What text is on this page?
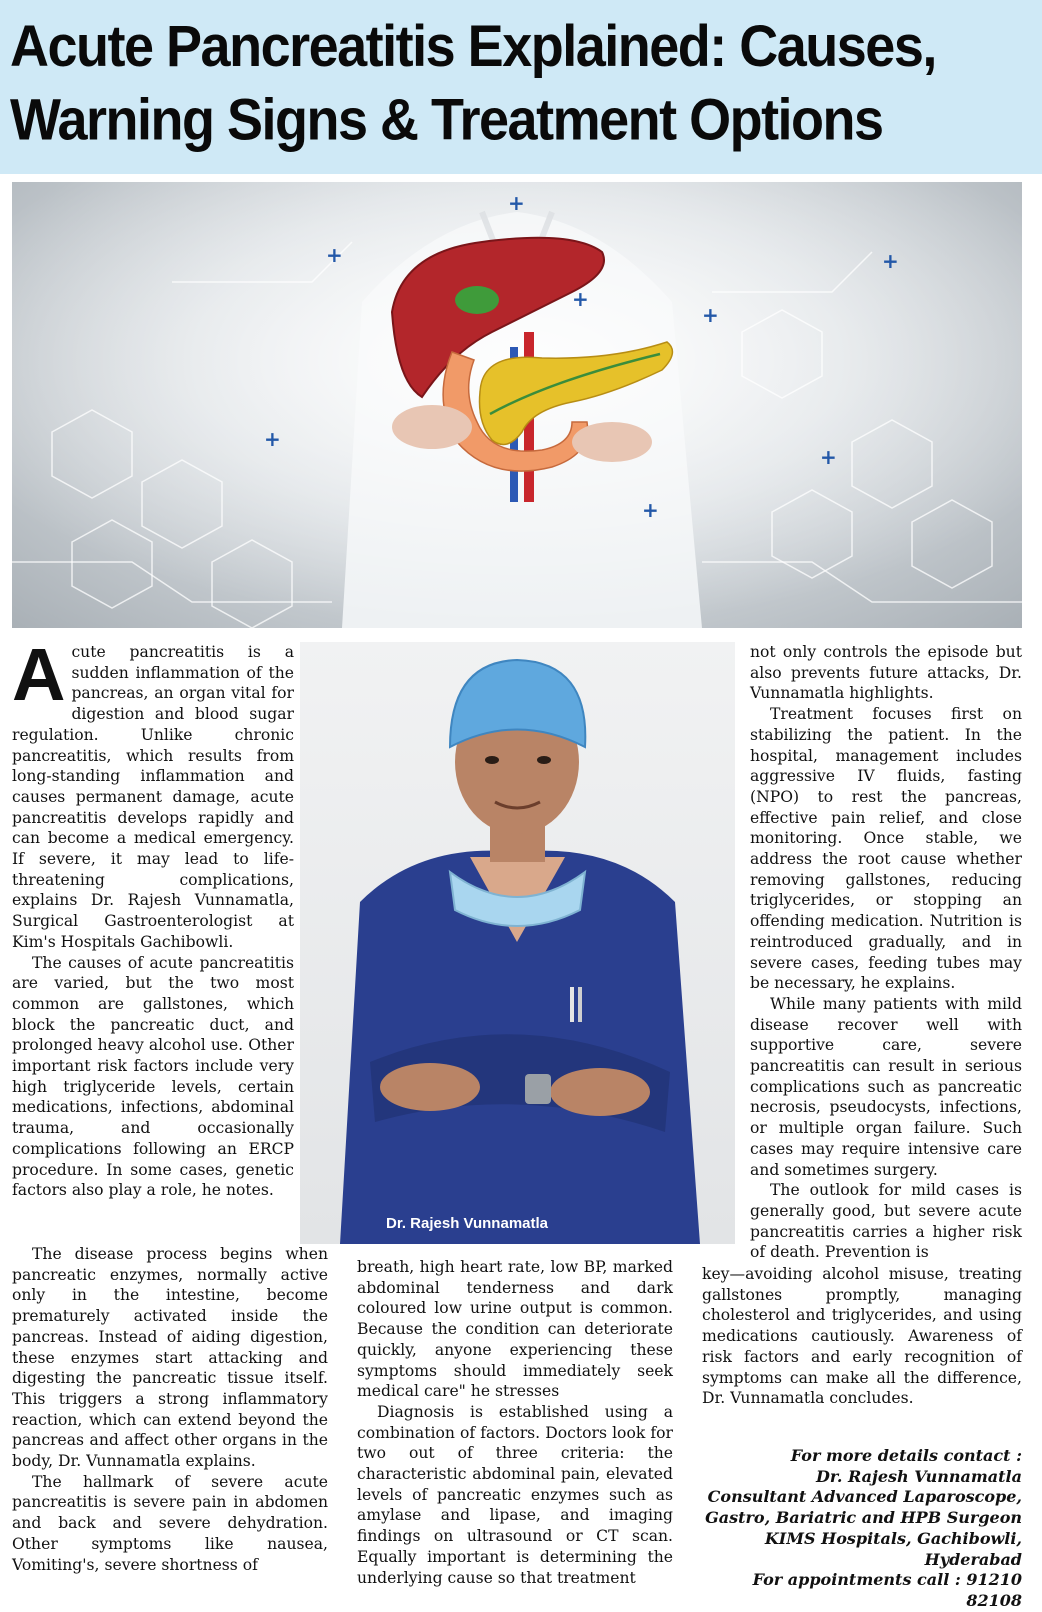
Acute Pancreatitis Explained: Causes,
Warning Signs & Treatment Options
+
+
+
+
+
+
+
+

Acute pancreatitis is a sudden inflammation of the pancreas, an organ vital for digestion and blood sugar regulation. Unlike chronic pancreatitis, which results from long-standing inflammation and causes permanent damage, acute pancreatitis develops rapidly and can become a medical emergency. If severe, it may lead to life-threatening complications, explains Dr. Rajesh Vunnamatla, Surgical Gastroenterologist at Kim's Hospitals Gachibowli.

The causes of acute pancreatitis are varied, but the two most common are gallstones, which block the pancreatic duct, and prolonged heavy alcohol use. Other important risk factors include very high triglyceride levels, certain medications, infections, abdominal trauma, and occasionally complications following an ERCP procedure. In some cases, genetic factors also play a role, he notes.

Dr. Rajesh Vunnamatla

The disease process begins when pancreatic enzymes, normally active only in the intestine, become prematurely activated inside the pancreas. Instead of aiding digestion, these enzymes start attacking and digesting the pancreatic tissue itself. This triggers a strong inflammatory reaction, which can extend beyond the pancreas and affect other organs in the body, Dr. Vunnamatla explains.

The hallmark of severe acute pancreatitis is severe pain in abdomen and back and severe dehydration. Other symptoms like nausea, Vomiting's, severe shortness of

breath, high heart rate, low BP, marked abdominal tenderness and dark coloured low urine output is common. Because the condition can deteriorate quickly, anyone experiencing these symptoms should immediately seek medical care" he stresses

Diagnosis is established using a combination of factors. Doctors look for two out of three criteria: the characteristic abdominal pain, elevated levels of pancreatic enzymes such as amylase and lipase, and imaging findings on ultrasound or CT scan. Equally important is determining the underlying cause so that treatment

not only controls the episode but also prevents future attacks, Dr. Vunnamatla highlights.

Treatment focuses first on stabilizing the patient. In the hospital, management includes aggressive IV fluids, fasting (NPO) to rest the pancreas, effective pain relief, and close monitoring. Once stable, we address the root cause whether removing gallstones, reducing triglycerides, or stopping an offending medication. Nutrition is reintroduced gradually, and in severe cases, feeding tubes may be necessary, he explains.

While many patients with mild disease recover well with supportive care, severe pancreatitis can result in serious complications such as pancreatic necrosis, pseudocysts, infections, or multiple organ failure. Such cases may require intensive care and sometimes surgery.

The outlook for mild cases is generally good, but severe acute pancreatitis carries a higher risk of death. Prevention is

key—avoiding alcohol misuse, treating gallstones promptly, managing cholesterol and triglycerides, and using medications cautiously. Awareness of risk factors and early recognition of symptoms can make all the difference, Dr. Vunnamatla concludes.

For more details contact :
Dr. Rajesh Vunnamatla
Consultant Advanced Laparoscope,
Gastro, Bariatric and HPB Surgeon
KIMS Hospitals, Gachibowli,
Hyderabad
For appointments call : 91210 82108
